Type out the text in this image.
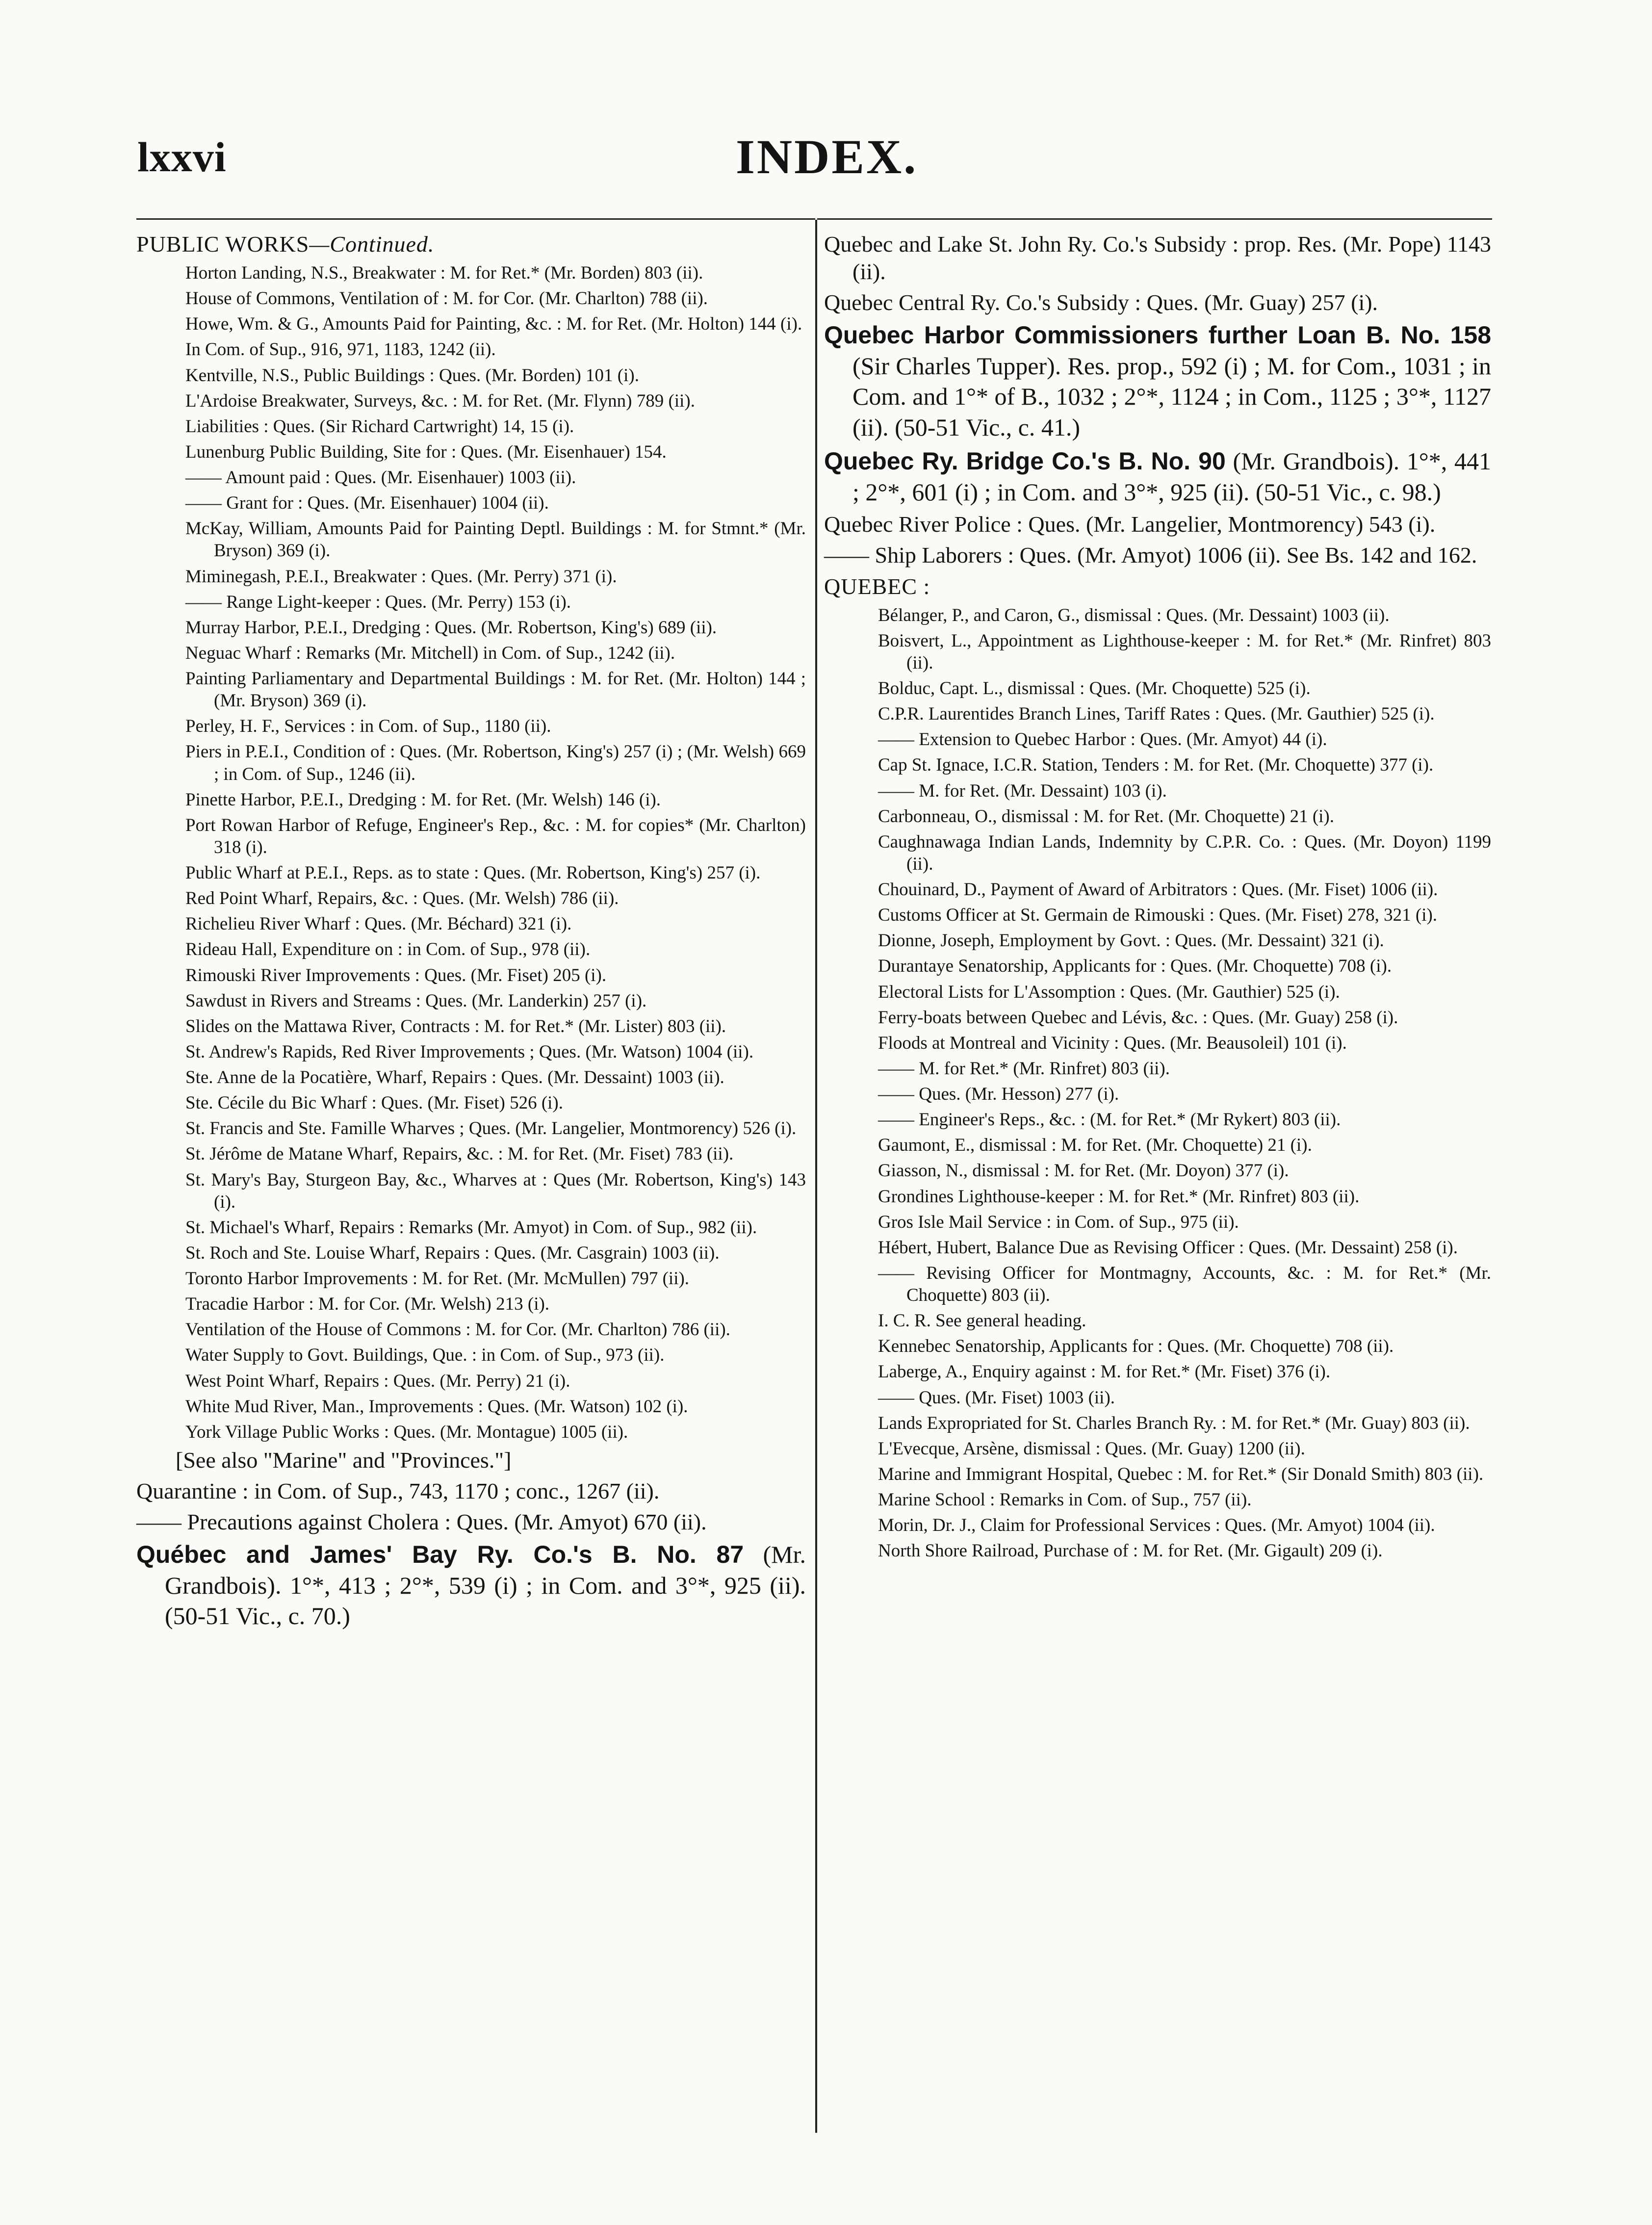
lxxvi	INDEX.
PUBLIC WORKS—Continued.
Horton Landing, N.S., Breakwater : M. for Ret.* (Mr. Borden) 803 (ii).
House of Commons, Ventilation of : M. for Cor. (Mr. Charlton) 788 (ii).
Howe, Wm. & G., Amounts Paid for Painting, &c. : M. for Ret. (Mr. Holton) 144 (i).
In Com. of Sup., 916, 971, 1183, 1242 (ii).
Kentville, N.S., Public Buildings : Ques. (Mr. Borden) 101 (i).
L'Ardoise Breakwater, Surveys, &c. : M. for Ret. (Mr. Flynn) 789 (ii).
Liabilities : Ques. (Sir Richard Cartwright) 14, 15 (i).
Lunenburg Public Building, Site for : Ques. (Mr. Eisenhauer) 154.
—— Amount paid : Ques. (Mr. Eisenhauer) 1003 (ii).
—— Grant for : Ques. (Mr. Eisenhauer) 1004 (ii).
McKay, William, Amounts Paid for Painting Deptl. Buildings : M. for Stmnt.* (Mr. Bryson) 369 (i).
Miminegash, P.E.I., Breakwater : Ques. (Mr. Perry) 371 (i).
—— Range Light-keeper : Ques. (Mr. Perry) 153 (i).
Murray Harbor, P.E.I., Dredging : Ques. (Mr. Robertson, King's) 689 (ii).
Neguac Wharf : Remarks (Mr. Mitchell) in Com. of Sup., 1242 (ii).
Painting Parliamentary and Departmental Buildings : M. for Ret. (Mr. Holton) 144 ; (Mr. Bryson) 369 (i).
Perley, H. F., Services : in Com. of Sup., 1180 (ii).
Piers in P.E.I., Condition of : Ques. (Mr. Robertson, King's) 257 (i) ; (Mr. Welsh) 669 ; in Com. of Sup., 1246 (ii).
Pinette Harbor, P.E.I., Dredging : M. for Ret. (Mr. Welsh) 146 (i).
Port Rowan Harbor of Refuge, Engineer's Rep., &c. : M. for copies* (Mr. Charlton) 318 (i).
Public Wharf at P.E.I., Reps. as to state : Ques. (Mr. Robertson, King's) 257 (i).
Red Point Wharf, Repairs, &c. : Ques. (Mr. Welsh) 786 (ii).
Richelieu River Wharf : Ques. (Mr. Béchard) 321 (i).
Rideau Hall, Expenditure on : in Com. of Sup., 978 (ii).
Rimouski River Improvements : Ques. (Mr. Fiset) 205 (i).
Sawdust in Rivers and Streams : Ques. (Mr. Landerkin) 257 (i).
Slides on the Mattawa River, Contracts : M. for Ret.* (Mr. Lister) 803 (ii).
St. Andrew's Rapids, Red River Improvements ; Ques. (Mr. Watson) 1004 (ii).
Ste. Anne de la Pocatière, Wharf, Repairs : Ques. (Mr. Dessaint) 1003 (ii).
Ste. Cécile du Bic Wharf : Ques. (Mr. Fiset) 526 (i).
St. Francis and Ste. Famille Wharves ; Ques. (Mr. Langelier, Montmorency) 526 (i).
St. Jérôme de Matane Wharf, Repairs, &c. : M. for Ret. (Mr. Fiset) 783 (ii).
St. Mary's Bay, Sturgeon Bay, &c., Wharves at : Ques (Mr. Robertson, King's) 143 (i).
St. Michael's Wharf, Repairs : Remarks (Mr. Amyot) in Com. of Sup., 982 (ii).
St. Roch and Ste. Louise Wharf, Repairs : Ques. (Mr. Casgrain) 1003 (ii).
Toronto Harbor Improvements : M. for Ret. (Mr. McMullen) 797 (ii).
Tracadie Harbor : M. for Cor. (Mr. Welsh) 213 (i).
Ventilation of the House of Commons : M. for Cor. (Mr. Charlton) 786 (ii).
Water Supply to Govt. Buildings, Que. : in Com. of Sup., 973 (ii).
West Point Wharf, Repairs : Ques. (Mr. Perry) 21 (i).
White Mud River, Man., Improvements : Ques. (Mr. Watson) 102 (i).
York Village Public Works : Ques. (Mr. Montague) 1005 (ii).
[See also "Marine" and "Provinces."]
Quarantine : in Com. of Sup., 743, 1170 ; conc., 1267 (ii).
—— Precautions against Cholera : Ques. (Mr. Amyot) 670 (ii).
Québec and James' Bay Ry. Co.'s B. No. 87 (Mr. Grandbois). 1°*, 413 ; 2°*, 539 (i) ; in Com. and 3°*, 925 (ii). (50-51 Vic., c. 70.)
Quebec and Lake St. John Ry. Co.'s Subsidy : prop. Res. (Mr. Pope) 1143 (ii).
Quebec Central Ry. Co.'s Subsidy : Ques. (Mr. Guay) 257 (i).
Quebec Harbor Commissioners further Loan B. No. 158 (Sir Charles Tupper). Res. prop., 592 (i) ; M. for Com., 1031 ; in Com. and 1°* of B., 1032 ; 2°*, 1124 ; in Com., 1125 ; 3°*, 1127 (ii). (50-51 Vic., c. 41.)
Quebec Ry. Bridge Co.'s B. No. 90 (Mr. Grandbois). 1°*, 441 ; 2°*, 601 (i) ; in Com. and 3°*, 925 (ii). (50-51 Vic., c. 98.)
Quebec River Police : Ques. (Mr. Langelier, Montmorency) 543 (i).
—— Ship Laborers : Ques. (Mr. Amyot) 1006 (ii). See Bs. 142 and 162.
QUEBEC :
Bélanger, P., and Caron, G., dismissal : Ques. (Mr. Dessaint) 1003 (ii).
Boisvert, L., Appointment as Lighthouse-keeper : M. for Ret.* (Mr. Rinfret) 803 (ii).
Bolduc, Capt. L., dismissal : Ques. (Mr. Choquette) 525 (i).
C.P.R. Laurentides Branch Lines, Tariff Rates : Ques. (Mr. Gauthier) 525 (i).
—— Extension to Quebec Harbor : Ques. (Mr. Amyot) 44 (i).
Cap St. Ignace, I.C.R. Station, Tenders : M. for Ret. (Mr. Choquette) 377 (i).
—— M. for Ret. (Mr. Dessaint) 103 (i).
Carbonneau, O., dismissal : M. for Ret. (Mr. Choquette) 21 (i).
Caughnawaga Indian Lands, Indemnity by C.P.R. Co. : Ques. (Mr. Doyon) 1199 (ii).
Chouinard, D., Payment of Award of Arbitrators : Ques. (Mr. Fiset) 1006 (ii).
Customs Officer at St. Germain de Rimouski : Ques. (Mr. Fiset) 278, 321 (i).
Dionne, Joseph, Employment by Govt. : Ques. (Mr. Dessaint) 321 (i).
Durantaye Senatorship, Applicants for : Ques. (Mr. Choquette) 708 (i).
Electoral Lists for L'Assomption : Ques. (Mr. Gauthier) 525 (i).
Ferry-boats between Quebec and Lévis, &c. : Ques. (Mr. Guay) 258 (i).
Floods at Montreal and Vicinity : Ques. (Mr. Beausoleil) 101 (i).
—— M. for Ret.* (Mr. Rinfret) 803 (ii).
—— Ques. (Mr. Hesson) 277 (i).
—— Engineer's Reps., &c. : (M. for Ret.* (Mr Rykert) 803 (ii).
Gaumont, E., dismissal : M. for Ret. (Mr. Choquette) 21 (i).
Giasson, N., dismissal : M. for Ret. (Mr. Doyon) 377 (i).
Grondines Lighthouse-keeper : M. for Ret.* (Mr. Rinfret) 803 (ii).
Gros Isle Mail Service : in Com. of Sup., 975 (ii).
Hébert, Hubert, Balance Due as Revising Officer : Ques. (Mr. Dessaint) 258 (i).
—— Revising Officer for Montmagny, Accounts, &c. : M. for Ret.* (Mr. Choquette) 803 (ii).
I. C. R. See general heading.
Kennebec Senatorship, Applicants for : Ques. (Mr. Choquette) 708 (ii).
Laberge, A., Enquiry against : M. for Ret.* (Mr. Fiset) 376 (i).
—— Ques. (Mr. Fiset) 1003 (ii).
Lands Expropriated for St. Charles Branch Ry. : M. for Ret.* (Mr. Guay) 803 (ii).
L'Evecque, Arsène, dismissal : Ques. (Mr. Guay) 1200 (ii).
Marine and Immigrant Hospital, Quebec : M. for Ret.* (Sir Donald Smith) 803 (ii).
Marine School : Remarks in Com. of Sup., 757 (ii).
Morin, Dr. J., Claim for Professional Services : Ques. (Mr. Amyot) 1004 (ii).
North Shore Railroad, Purchase of : M. for Ret. (Mr. Gigault) 209 (i).
